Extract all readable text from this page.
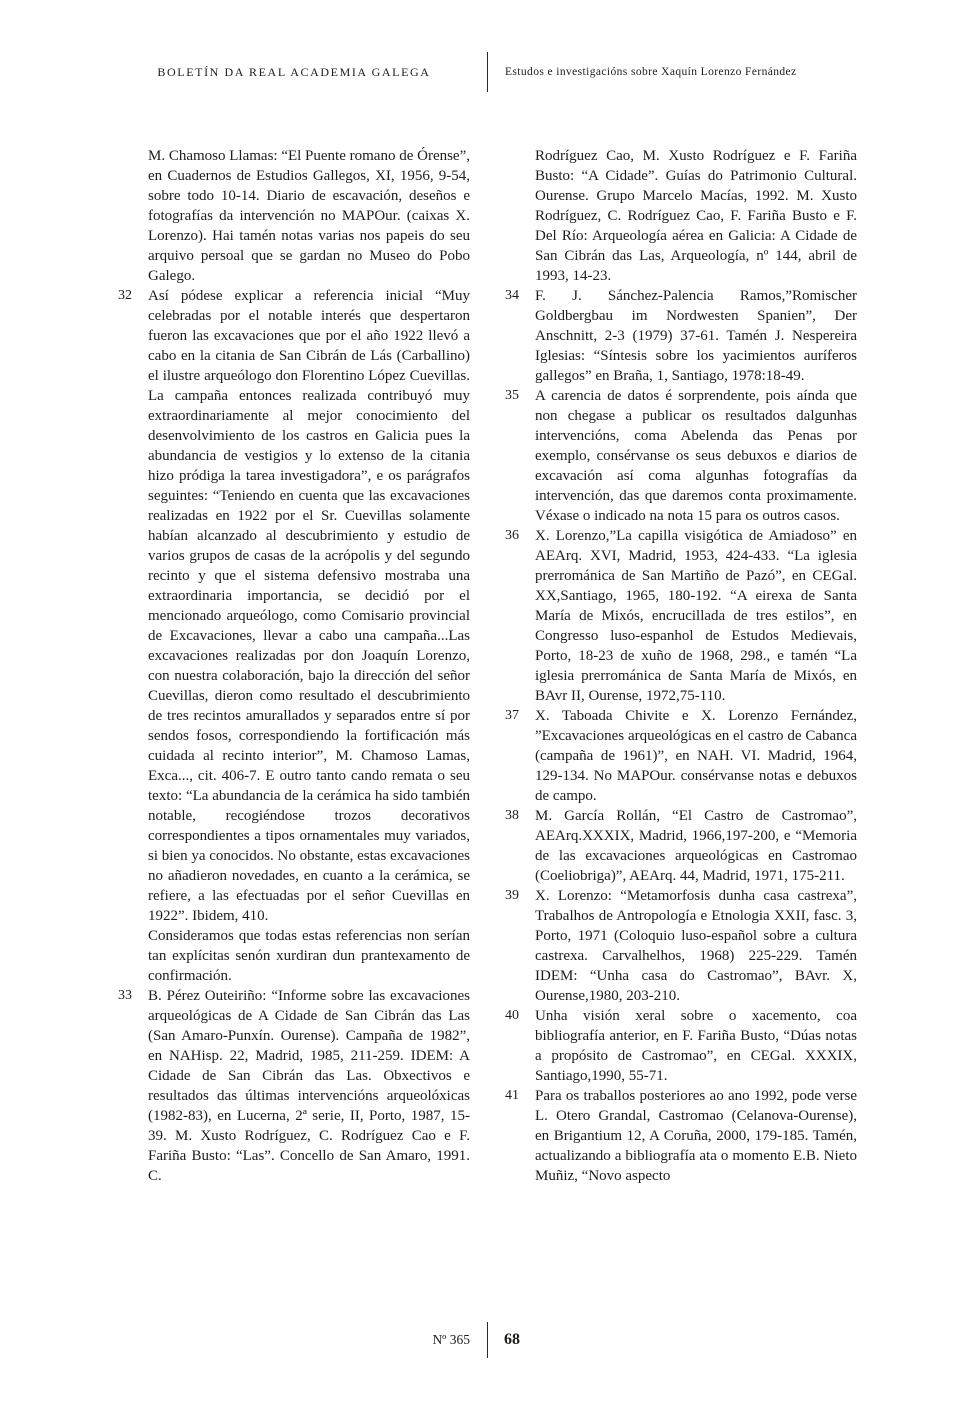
BOLETÍN DA REAL ACADEMIA GALEGA	Estudos e investigacións sobre Xaquín Lorenzo Fernández

M. Chamoso Llamas: “El Puente romano de Órense”, en Cuadernos de Estudios Gallegos, XI, 1956, 9-54, sobre todo 10-14. Diario de escavación, deseños e fotografías da intervención no MAPOur. (caixas X. Lorenzo). Hai tamén notas varias nos papeis do seu arquivo persoal que se gardan no Museo do Pobo Galego.

32	Así pódese explicar a referencia inicial “Muy celebradas por el notable interés que despertaron fueron las excavaciones que por el año 1922 llevó a cabo en la citania de San Cibrán de Lás (Carballino) el ilustre arqueólogo don Florentino López Cuevillas. La campaña entonces realizada contribuyó muy extraordinariamente al mejor conocimiento del desenvolvimiento de los castros en Galicia pues la abundancia de vestigios y lo extenso de la citania hizo pródiga la tarea investigadora”, e os parágrafos seguintes: “Teniendo en cuenta que las excavaciones realizadas en 1922 por el Sr. Cuevillas solamente habían alcanzado al descubrimiento y estudio de varios grupos de casas de la acrópolis y del segundo recinto y que el sistema defensivo mostraba una extraordinaria importancia, se decidió por el mencionado arqueólogo, como Comisario provincial de Excavaciones, llevar a cabo una campaña...Las excavaciones realizadas por don Joaquín Lorenzo, con nuestra colaboración, bajo la dirección del señor Cuevillas, dieron como resultado el descubrimiento de tres recintos amurallados y separados entre sí por sendos fosos, correspondiendo la fortificación más cuidada al recinto interior”, M. Chamoso Lamas, Exca..., cit. 406-7. E outro tanto cando remata o seu texto: “La abundancia de la cerámica ha sido también notable, recogiéndose trozos decorativos correspondientes a tipos ornamentales muy variados, si bien ya conocidos. No obstante, estas excavaciones no añadieron novedades, en cuanto a la cerámica, se refiere, a las efectuadas por el señor Cuevillas en 1922”. Ibidem, 410.

Consideramos que todas estas referencias non serían tan explícitas senón xurdiran dun prantexamento de confirmación.

33	B. Pérez Outeiriño: “Informe sobre las excavaciones arqueológicas de A Cidade de San Cibrán das Las (San Amaro-Punxín. Ourense). Campaña de 1982”, en NAHisp. 22, Madrid, 1985, 211-259. IDEM: A Cidade de San Cibrán das Las. Obxectivos e resultados das últimas intervencións arqueolóxicas (1982-83), en Lucerna, 2ª serie, II, Porto, 1987, 15-39. M. Xusto Rodríguez, C. Rodríguez Cao e F. Fariña Busto: “Las”. Concello de San Amaro, 1991. C.

Rodríguez Cao, M. Xusto Rodríguez e F. Fariña Busto: “A Cidade”. Guías do Patrimonio Cultural. Ourense. Grupo Marcelo Macías, 1992. M. Xusto Rodríguez, C. Rodríguez Cao, F. Fariña Busto e F. Del Río: Arqueología aérea en Galicia: A Cidade de San Cibrán das Las, Arqueología, nº 144, abril de 1993, 14-23.

34	F. J. Sánchez-Palencia Ramos,”Romischer Goldbergbau im Nordwesten Spanien”, Der Anschnitt, 2-3 (1979) 37-61. Tamén J. Nespereira Iglesias: “Síntesis sobre los yacimientos auríferos gallegos” en Braña, 1, Santiago, 1978:18-49.

35	A carencia de datos é sorprendente, pois aínda que non chegase a publicar os resultados dalgunhas intervencións, coma Abelenda das Penas por exemplo, consérvanse os seus debuxos e diarios de excavación así coma algunhas fotografías da intervención, das que daremos conta proximamente. Véxase o indicado na nota 15 para os outros casos.

36	X. Lorenzo,”La capilla visigótica de Amiadoso” en AEArq. XVI, Madrid, 1953, 424-433. “La iglesia prerrománica de San Martiño de Pazó”, en CEGal. XX,Santiago, 1965, 180-192. “A eirexa de Santa María de Mixós, encrucillada de tres estilos”, en Congresso luso-espanhol de Estudos Medievais, Porto, 18-23 de xuño de 1968, 298., e tamén “La iglesia prerrománica de Santa María de Mixós, en BAvr II, Ourense, 1972,75-110.

37	X. Taboada Chivite e X. Lorenzo Fernández, ”Excavaciones arqueológicas en el castro de Cabanca (campaña de 1961)”, en NAH. VI. Madrid, 1964, 129-134. No MAPOur. consérvanse notas e debuxos de campo.

38	M. García Rollán, “El Castro de Castromao”, AEArq.XXXIX, Madrid, 1966,197-200, e “Memoria de las excavaciones arqueológicas en Castromao (Coeliobriga)”, AEArq. 44, Madrid, 1971, 175-211.

39	X. Lorenzo: “Metamorfosis dunha casa castrexa”, Trabalhos de Antropología e Etnologia XXII, fasc. 3, Porto, 1971 (Coloquio luso-español sobre a cultura castrexa. Carvalhelhos, 1968) 225-229. Tamén IDEM: “Unha casa do Castromao”, BAvr. X, Ourense,1980, 203-210.

40	Unha visión xeral sobre o xacemento, coa bibliografía anterior, en F. Fariña Busto, “Dúas notas a propósito de Castromao”, en CEGal. XXXIX, Santiago,1990, 55-71.

41	Para os traballos posteriores ao ano 1992, pode verse L. Otero Grandal, Castromao (Celanova-Ourense), en Brigantium 12, A Coruña, 2000, 179-185. Tamén, actualizando a bibliografía ata o momento E.B. Nieto Muñiz, “Novo aspecto

Nº 365	68
